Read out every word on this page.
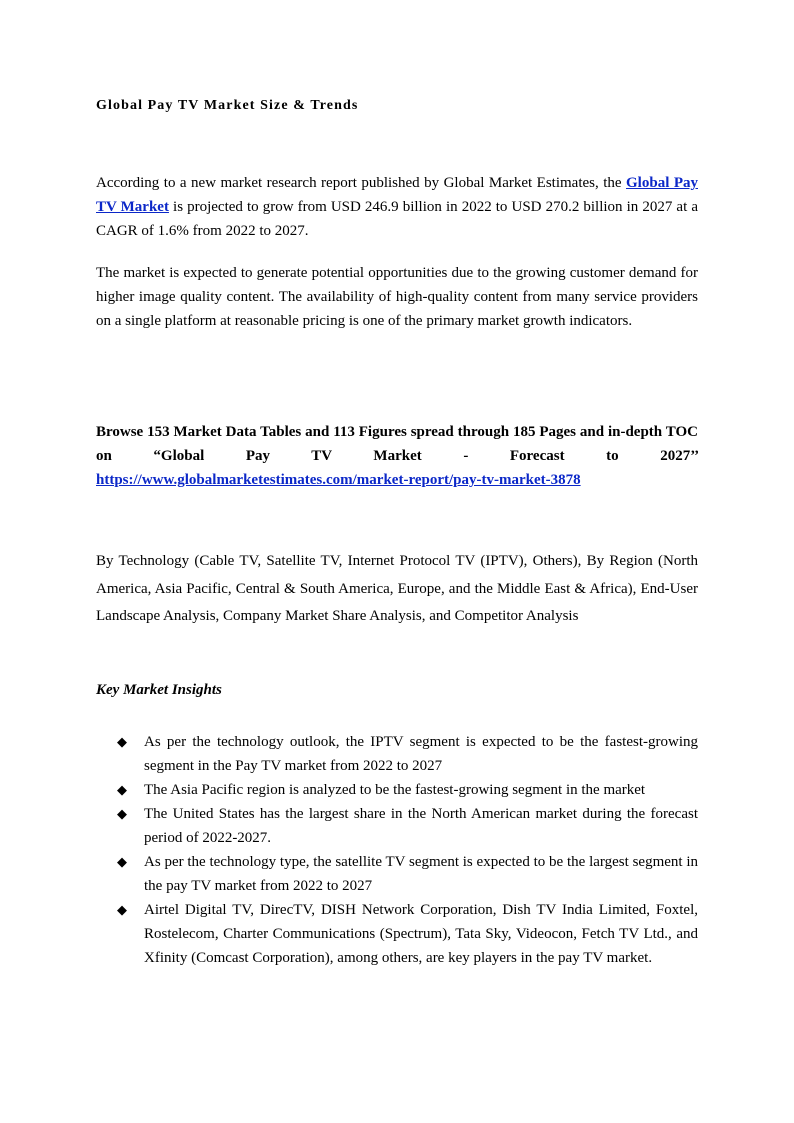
Global Pay TV Market Size & Trends

According to a new market research report published by Global Market Estimates, the Global Pay TV Market is projected to grow from USD 246.9 billion in 2022 to USD 270.2 billion in 2027 at a CAGR of 1.6% from 2022 to 2027.

The market is expected to generate potential opportunities due to the growing customer demand for higher image quality content. The availability of high-quality content from many service providers on a single platform at reasonable pricing is one of the primary market growth indicators.

Browse 153 Market Data Tables and 113 Figures spread through 185 Pages and in-depth TOC on “Global Pay TV Market - Forecast to 2027’’ https://www.globalmarketestimates.com/market-report/pay-tv-market-3878

By Technology (Cable TV, Satellite TV, Internet Protocol TV (IPTV), Others), By Region (North America, Asia Pacific, Central & South America, Europe, and the Middle East & Africa), End-User Landscape Analysis, Company Market Share Analysis, and Competitor Analysis

Key Market Insights
◆ As per the technology outlook, the IPTV segment is expected to be the fastest-growing segment in the Pay TV market from 2022 to 2027
◆ The Asia Pacific region is analyzed to be the fastest-growing segment in the market
◆ The United States has the largest share in the North American market during the forecast period of 2022-2027.
◆ As per the technology type, the satellite TV segment is expected to be the largest segment in the pay TV market from 2022 to 2027
◆ Airtel Digital TV, DirecTV, DISH Network Corporation, Dish TV India Limited, Foxtel, Rostelecom, Charter Communications (Spectrum), Tata Sky, Videocon, Fetch TV Ltd., and Xfinity (Comcast Corporation), among others, are key players in the pay TV market.
